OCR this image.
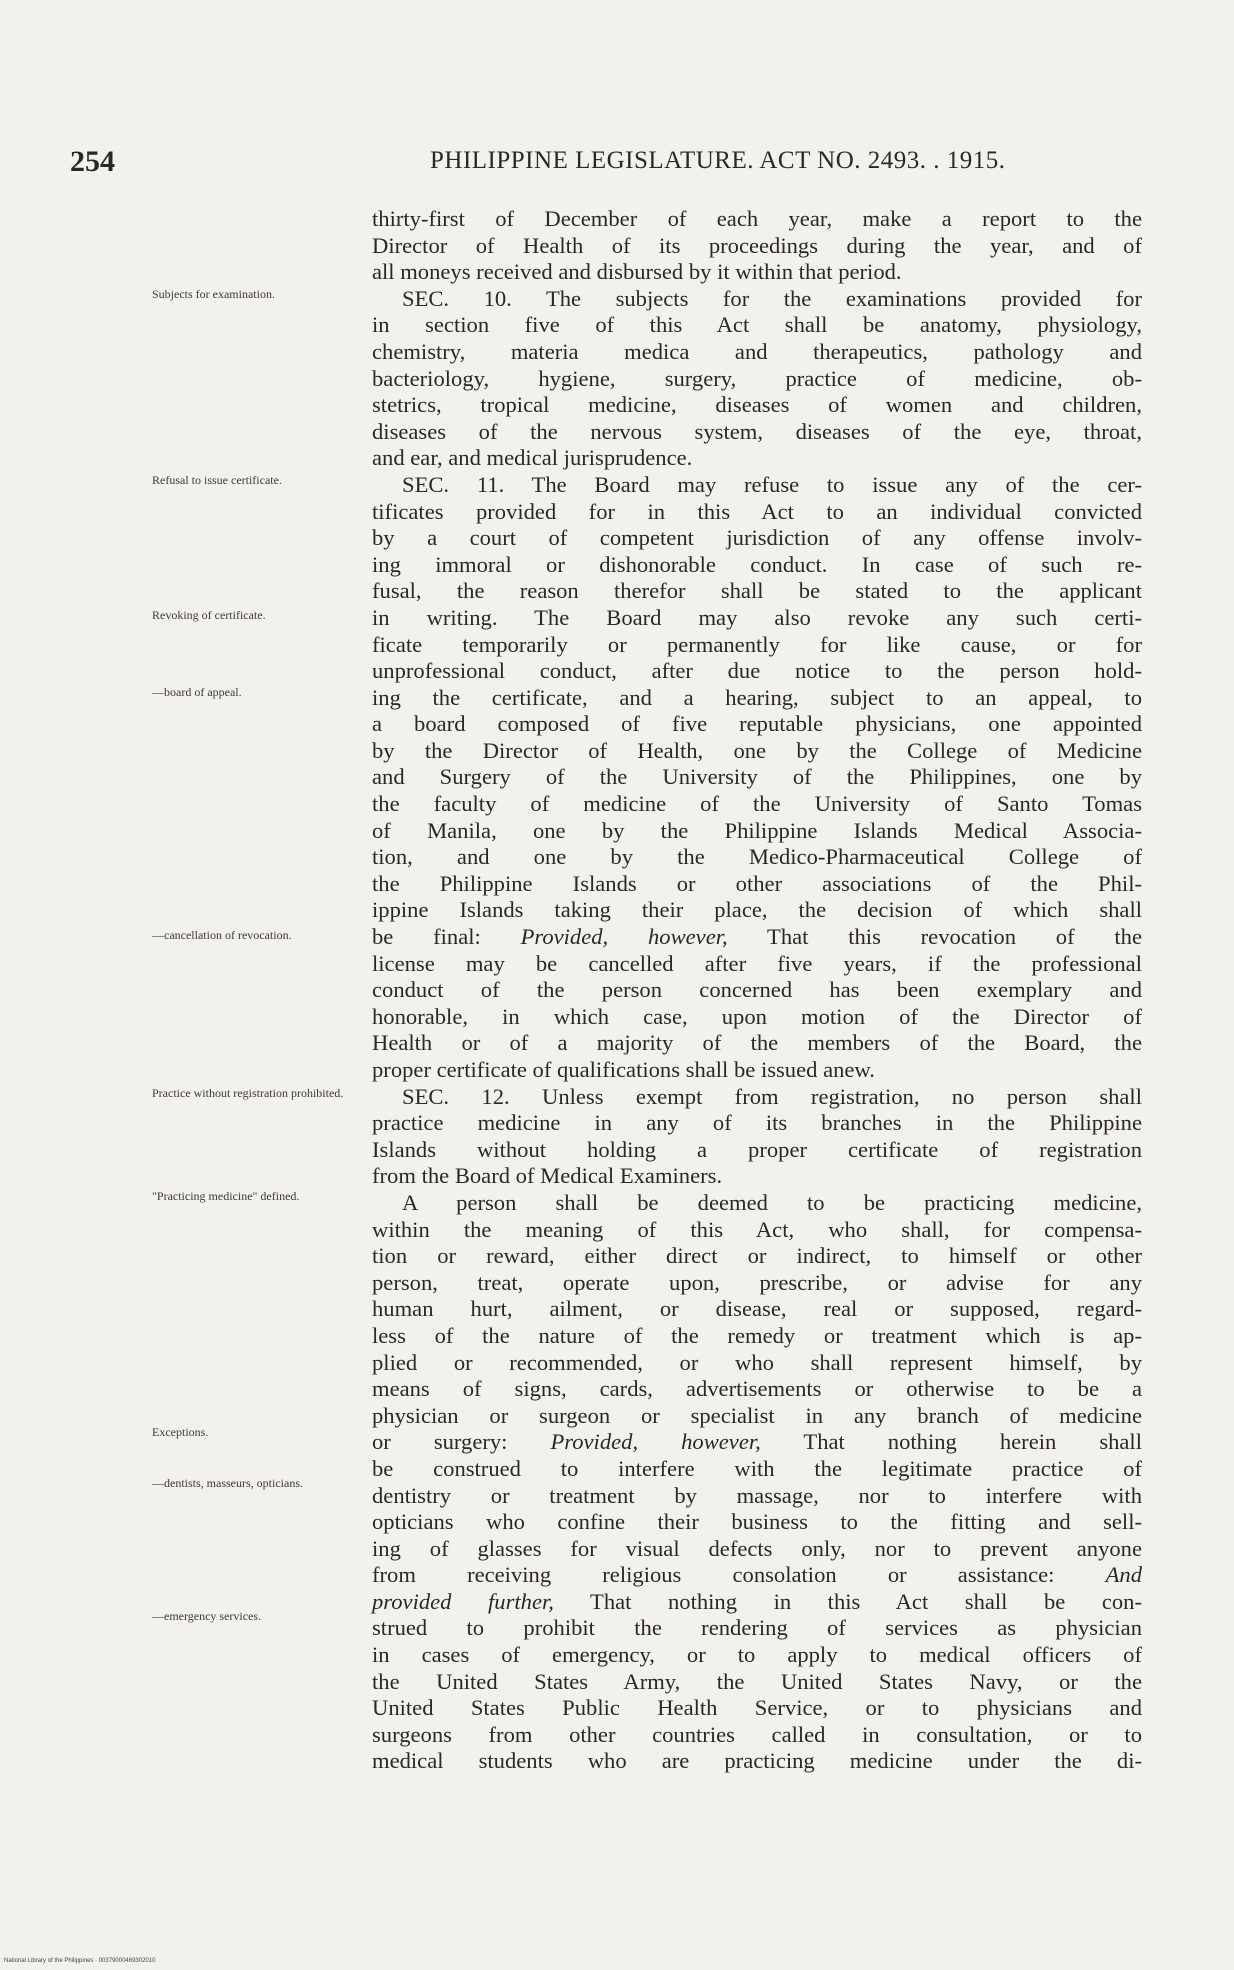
254	PHILIPPINE LEGISLATURE. ACT NO. 2493. . 1915.
Subjects for examination.
Refusal to issue certificate.
Revoking of certificate.
—board of appeal.
—cancellation of revocation.
Practice without registration prohibited.
"Practicing medicine" defined.
Exceptions.
—dentists, masseurs, opticians.
—emergency services.
thirty-first of December of each year, make a report to the
Director of Health of its proceedings during the year, and of
all moneys received and disbursed by it within that period.
SEC. 10. The subjects for the examinations provided for
in section five of this Act shall be anatomy, physiology,
chemistry, materia medica and therapeutics, pathology and
bacteriology, hygiene, surgery, practice of medicine, ob-
stetrics, tropical medicine, diseases of women and children,
diseases of the nervous system, diseases of the eye, throat,
and ear, and medical jurisprudence.
SEC. 11. The Board may refuse to issue any of the cer-
tificates provided for in this Act to an individual convicted
by a court of competent jurisdiction of any offense involv-
ing immoral or dishonorable conduct. In case of such re-
fusal, the reason therefor shall be stated to the applicant
in writing. The Board may also revoke any such certi-
ficate temporarily or permanently for like cause, or for
unprofessional conduct, after due notice to the person hold-
ing the certificate, and a hearing, subject to an appeal, to
a board composed of five reputable physicians, one appointed
by the Director of Health, one by the College of Medicine
and Surgery of the University of the Philippines, one by
the faculty of medicine of the University of Santo Tomas
of Manila, one by the Philippine Islands Medical Associa-
tion, and one by the Medico-Pharmaceutical College of
the Philippine Islands or other associations of the Phil-
ippine Islands taking their place, the decision of which shall
be final: Provided, however, That this revocation of the
license may be cancelled after five years, if the professional
conduct of the person concerned has been exemplary and
honorable, in which case, upon motion of the Director of
Health or of a majority of the members of the Board, the
proper certificate of qualifications shall be issued anew.
SEC. 12. Unless exempt from registration, no person shall
practice medicine in any of its branches in the Philippine
Islands without holding a proper certificate of registration
from the Board of Medical Examiners.
A person shall be deemed to be practicing medicine,
within the meaning of this Act, who shall, for compensa-
tion or reward, either direct or indirect, to himself or other
person, treat, operate upon, prescribe, or advise for any
human hurt, ailment, or disease, real or supposed, regard-
less of the nature of the remedy or treatment which is ap-
plied or recommended, or who shall represent himself, by
means of signs, cards, advertisements or otherwise to be a
physician or surgeon or specialist in any branch of medicine
or surgery: Provided, however, That nothing herein shall
be construed to interfere with the legitimate practice of
dentistry or treatment by massage, nor to interfere with
opticians who confine their business to the fitting and sell-
ing of glasses for visual defects only, nor to prevent anyone
from receiving religious consolation or assistance: And
provided further, That nothing in this Act shall be con-
strued to prohibit the rendering of services as physician
in cases of emergency, or to apply to medical officers of
the United States Army, the United States Navy, or the
United States Public Health Service, or to physicians and
surgeons from other countries called in consultation, or to
medical students who are practicing medicine under the di-
National Library of the Philippines · 00379000469302010
